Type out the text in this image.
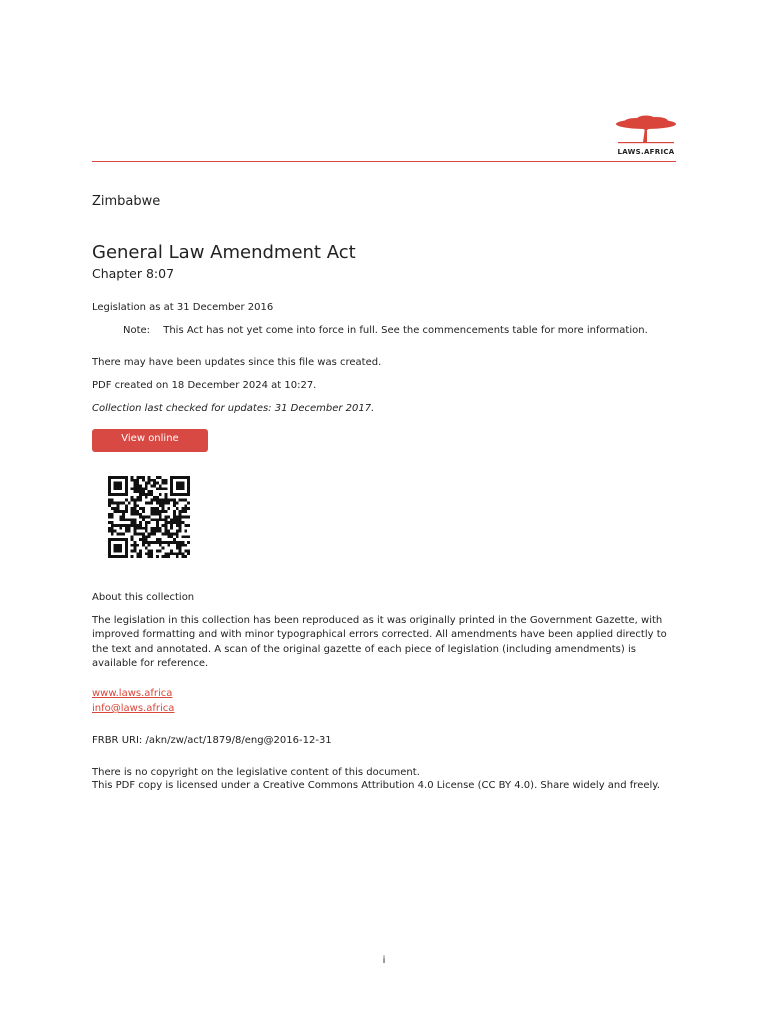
LAWS.AFRICA
Zimbabwe
General Law Amendment Act
Chapter 8:07
Legislation as at 31 December 2016
Note: This Act has not yet come into force in full. See the commencements table for more information.
There may have been updates since this file was created.
PDF created on 18 December 2024 at 10:27.
Collection last checked for updates: 31 December 2017.
View online
About this collection
The legislation in this collection has been reproduced as it was originally printed in the Government Gazette, with improved formatting and with minor typographical errors corrected. All amendments have been applied directly to the text and annotated. A scan of the original gazette of each piece of legislation (including amendments) is available for reference.
www.laws.africa
info@laws.africa
FRBR URI: /akn/zw/act/1879/8/eng@2016-12-31
There is no copyright on the legislative content of this document.
This PDF copy is licensed under a Creative Commons Attribution 4.0 License (CC BY 4.0). Share widely and freely.
i
